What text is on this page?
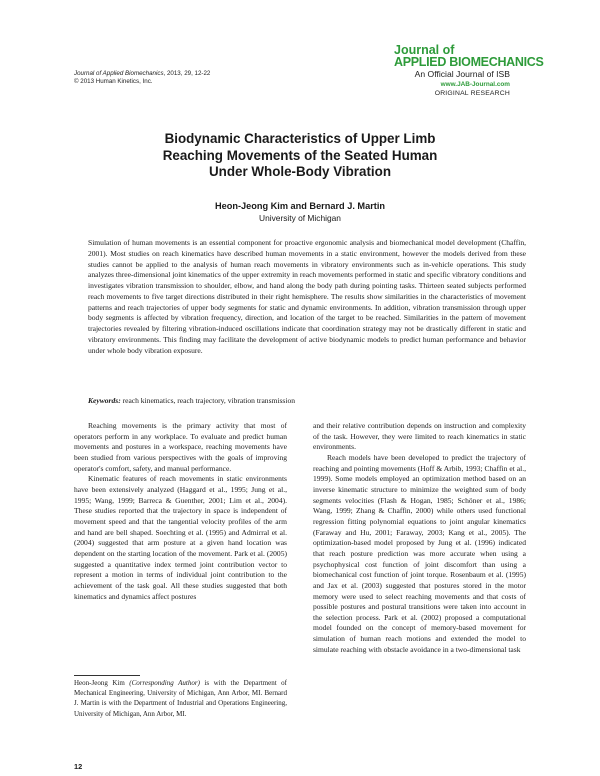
Journal of Applied Biomechanics, 2013, 29, 12-22
© 2013 Human Kinetics, Inc.
Journal of
APPLIED BIOMECHANICS
An Official Journal of ISB
www.JAB-Journal.com
ORIGINAL RESEARCH
Biodynamic Characteristics of Upper Limb
Reaching Movements of the Seated Human
Under Whole-Body Vibration
Heon-Jeong Kim and Bernard J. Martin
University of Michigan
Simulation of human movements is an essential component for proactive ergonomic analysis and biomechanical model development (Chaffin, 2001). Most studies on reach kinematics have described human movements in a static environment, however the models derived from these studies cannot be applied to the analysis of human reach movements in vibratory environments such as in-vehicle operations. This study analyzes three-dimensional joint kinematics of the upper extremity in reach movements performed in static and specific vibratory conditions and investigates vibration transmission to shoulder, elbow, and hand along the body path during pointing tasks. Thirteen seated subjects performed reach movements to five target directions distributed in their right hemisphere. The results show similarities in the characteristics of movement patterns and reach trajectories of upper body segments for static and dynamic environments. In addition, vibration transmission through upper body segments is affected by vibration frequency, direction, and location of the target to be reached. Similarities in the pattern of movement trajectories revealed by filtering vibration-induced oscillations indicate that coordination strategy may not be drastically different in static and vibratory environments. This finding may facilitate the development of active biodynamic models to predict human performance and behavior under whole body vibration exposure.
Keywords: reach kinematics, reach trajectory, vibration transmission

Reaching movements is the primary activity that most of operators perform in any workplace. To evaluate and predict human movements and postures in a workspace, reaching movements have been studied from various perspectives with the goals of improving operator's comfort, safety, and manual performance.

Kinematic features of reach movements in static environments have been extensively analyzed (Haggard et al., 1995; Jung et al., 1995; Wang, 1999; Barreca & Guenther, 2001; Lim et al., 2004). These studies reported that the trajectory in space is independent of movement speed and that the tangential velocity profiles of the arm and hand are bell shaped. Soechting et al. (1995) and Admirral et al. (2004) suggested that arm posture at a given hand location was dependent on the starting location of the movement. Park et al. (2005) suggested a quantitative index termed joint contribution vector to represent a motion in terms of individual joint contribution to the achievement of the task goal. All these studies suggested that both kinematics and dynamics affect postures

and their relative contribution depends on instruction and complexity of the task. However, they were limited to reach kinematics in static environments.

Reach models have been developed to predict the trajectory of reaching and pointing movements (Hoff & Arbib, 1993; Chaffin et al., 1999). Some models employed an optimization method based on an inverse kinematic structure to minimize the weighted sum of body segments velocities (Flash & Hogan, 1985; Schöner et al., 1986; Wang, 1999; Zhang & Chaffin, 2000) while others used functional regression fitting polynomial equations to joint angular kinematics (Faraway and Hu, 2001; Faraway, 2003; Kang et al., 2005). The optimization-based model proposed by Jung et al. (1996) indicated that reach posture prediction was more accurate when using a psychophysical cost function of joint discomfort than using a biomechanical cost function of joint torque. Rosenbaum et al. (1995) and Jax et al. (2003) suggested that postures stored in the motor memory were used to select reaching movements and that costs of possible postures and postural transitions were taken into account in the selection process. Park et al. (2002) proposed a computational model founded on the concept of memory-based movement for simulation of human reach motions and extended the model to simulate reaching with obstacle avoidance in a two-dimensional task

Heon-Jeong Kim (Corresponding Author) is with the Department of Mechanical Engineering, University of Michigan, Ann Arbor, MI. Bernard J. Martin is with the Department of Industrial and Operations Engineering, University of Michigan, Ann Arbor, MI.
12
